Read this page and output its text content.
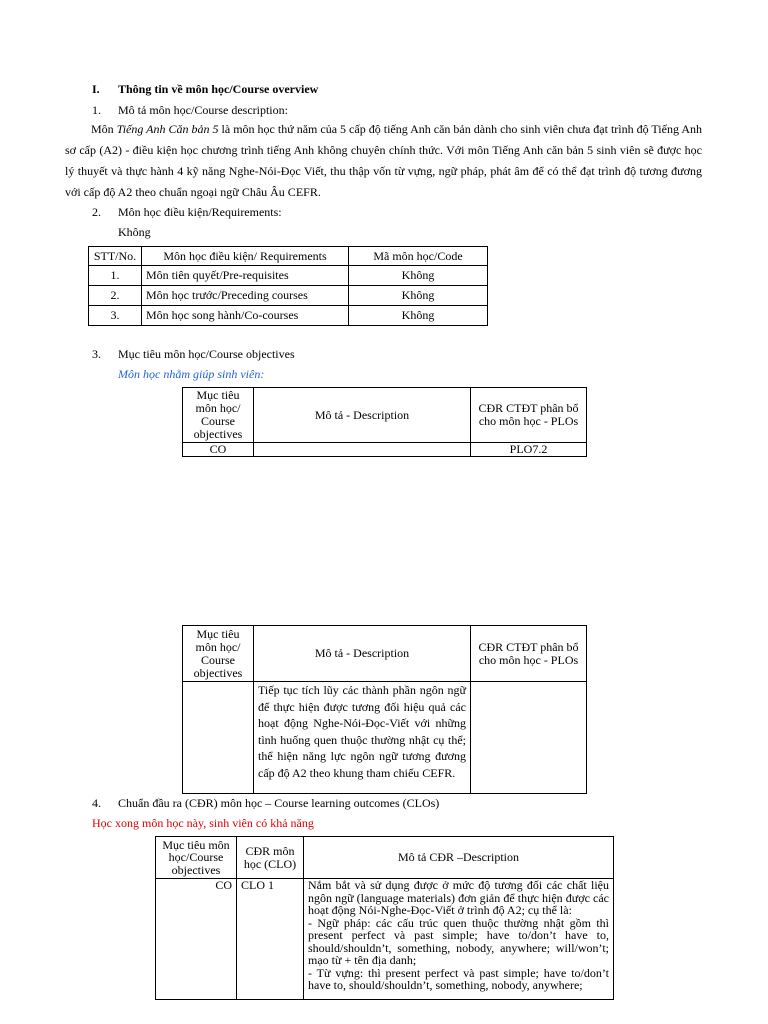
I. Thông tin về môn học/Course overview
1. Mô tả môn học/Course description:
Môn Tiếng Anh Căn bản 5 là môn học thứ năm của 5 cấp độ tiếng Anh căn bản dành cho sinh viên chưa đạt trình độ Tiếng Anh sơ cấp (A2) - điều kiện học chương trình tiếng Anh không chuyên chính thức. Với môn Tiếng Anh căn bản 5 sinh viên sẽ được học lý thuyết và thực hành 4 kỹ năng Nghe-Nói-Đọc Viết, thu thập vốn từ vựng, ngữ pháp, phát âm để có thể đạt trình độ tương đương với cấp độ A2 theo chuẩn ngoại ngữ Châu Âu CEFR.
2. Môn học điều kiện/Requirements:
Không
STT/No.	Môn học điều kiện/ Requirements	Mã môn học/Code
1.	Môn tiên quyết/Pre-requisites	Không
2.	Môn học trước/Preceding courses	Không
3.	Môn học song hành/Co-courses	Không
3. Mục tiêu môn học/Course objectives
Môn học nhằm giúp sinh viên:
Mục tiêu môn học/ Course objectives	Mô tả - Description	CĐR CTĐT phân bổ cho môn học - PLOs
CO		PLO7.2
Mục tiêu môn học/ Course objectives	Mô tả - Description	CĐR CTĐT phân bổ cho môn học - PLOs
	Tiếp tục tích lũy các thành phần ngôn ngữ để thực hiện được tương đối hiệu quả các hoạt động Nghe-Nói-Đọc-Viết với những tình huống quen thuộc thường nhật cụ thể; thể hiện năng lực ngôn ngữ tương đương cấp độ A2 theo khung tham chiếu CEFR.	
4. Chuẩn đầu ra (CĐR) môn học – Course learning outcomes (CLOs)
Học xong môn học này, sinh viên có khả năng
Mục tiêu môn học/Course objectives	CĐR môn học (CLO)	Mô tả CĐR –Description
CO	CLO 1	Nắm bắt và sử dụng được ở mức độ tương đối các chất liệu ngôn ngữ (language materials) đơn giản để thực hiện được các hoạt động Nói-Nghe-Đọc-Viết ở trình độ A2; cụ thể là:
- Ngữ pháp: các cấu trúc quen thuộc thường nhật gồm thì present perfect và past simple; have to/don’t have to, should/shouldn’t, something, nobody, anywhere; will/won’t; mạo từ + tên địa danh;
- Từ vựng: thì present perfect và past simple; have to/don’t have to, should/shouldn’t, something, nobody, anywhere;
